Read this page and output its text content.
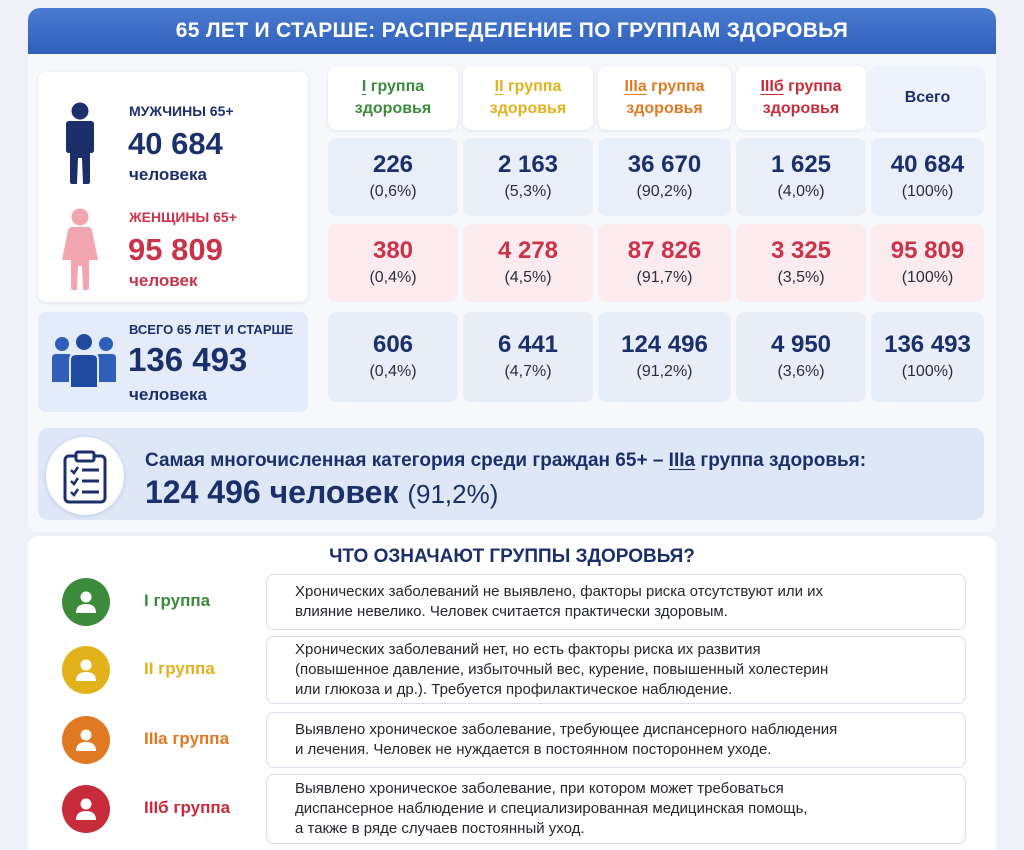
65 ЛЕТ И СТАРШЕ: РАСПРЕДЕЛЕНИЕ ПО ГРУППАМ ЗДОРОВЬЯ
МУЖЧИНЫ 65+
40 684
человека
ЖЕНЩИНЫ 65+
95 809
человек
ВСЕГО 65 ЛЕТ И СТАРШЕ
136 493
человека
I группа
здоровья
II группа
здоровья
IIIа группа
здоровья
IIIб группа
здоровья
Всего
226
(0,6%)
2 163
(5,3%)
36 670
(90,2%)
1 625
(4,0%)
40 684
(100%)
380
(0,4%)
4 278
(4,5%)
87 826
(91,7%)
3 325
(3,5%)
95 809
(100%)
606
(0,4%)
6 441
(4,7%)
124 496
(91,2%)
4 950
(3,6%)
136 493
(100%)
Самая многочисленная категория среди граждан 65+ – IIIа группа здоровья:
124 496 человек (91,2%)
ЧТО ОЗНАЧАЮТ ГРУППЫ ЗДОРОВЬЯ?
I группа	Хронических заболеваний не выявлено, факторы риска отсутствуют или их
влияние невелико. Человек считается практически здоровым.
II группа
Хронических заболеваний нет, но есть факторы риска их развития
(повышенное давление, избыточный вес, курение, повышенный холестерин
или глюкоза и др.). Требуется профилактическое наблюдение.
IIIа группа	Выявлено хроническое заболевание, требующее диспансерного наблюдения
и лечения. Человек не нуждается в постоянном постороннем уходе.
IIIб группа
Выявлено хроническое заболевание, при котором может требоваться
диспансерное наблюдение и специализированная медицинская помощь,
а также в ряде случаев постоянный уход.
